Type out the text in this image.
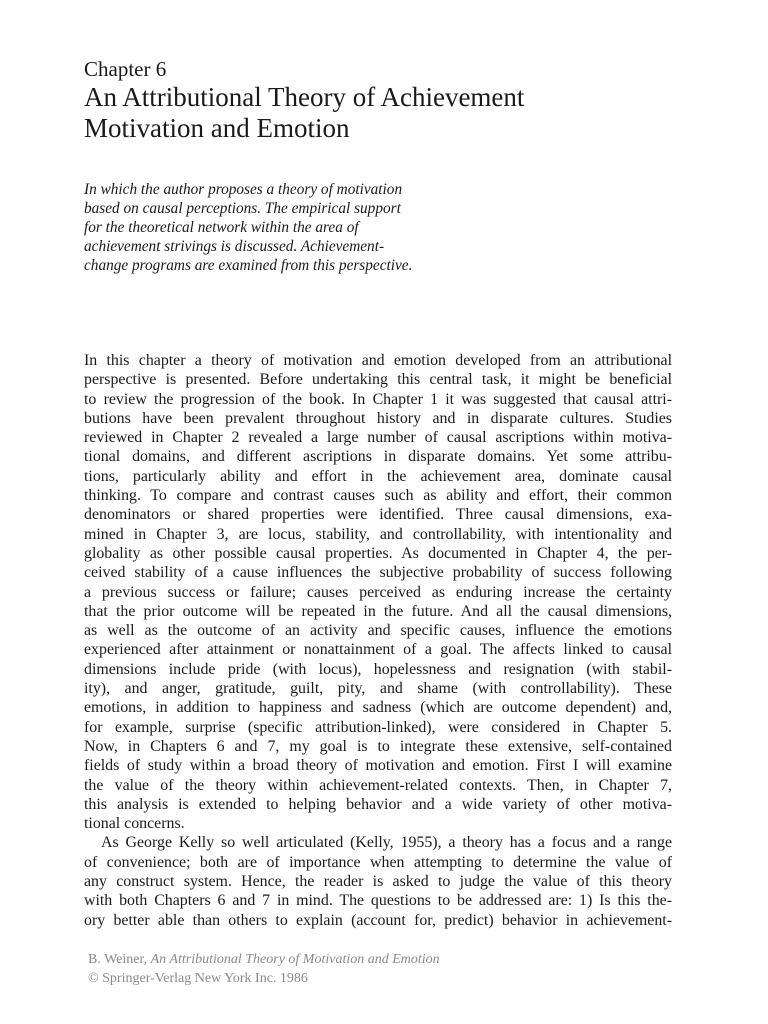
Chapter 6
An Attributional Theory of Achievement
Motivation and Emotion

In which the author proposes a theory of motivation
based on causal perceptions. The empirical support
for the theoretical network within the area of
achievement strivings is discussed. Achievement-
change programs are examined from this perspective.

In this chapter a theory of motivation and emotion developed from an attributional
perspective is presented. Before undertaking this central task, it might be beneficial
to review the progression of the book. In Chapter 1 it was suggested that causal attri-
butions have been prevalent throughout history and in disparate cultures. Studies
reviewed in Chapter 2 revealed a large number of causal ascriptions within motiva-
tional domains, and different ascriptions in disparate domains. Yet some attribu-
tions, particularly ability and effort in the achievement area, dominate causal
thinking. To compare and contrast causes such as ability and effort, their common
denominators or shared properties were identified. Three causal dimensions, exa-
mined in Chapter 3, are locus, stability, and controllability, with intentionality and
globality as other possible causal properties. As documented in Chapter 4, the per-
ceived stability of a cause influences the subjective probability of success following
a previous success or failure; causes perceived as enduring increase the certainty
that the prior outcome will be repeated in the future. And all the causal dimensions,
as well as the outcome of an activity and specific causes, influence the emotions
experienced after attainment or nonattainment of a goal. The affects linked to causal
dimensions include pride (with locus), hopelessness and resignation (with stabil-
ity), and anger, gratitude, guilt, pity, and shame (with controllability). These
emotions, in addition to happiness and sadness (which are outcome dependent) and,
for example, surprise (specific attribution-linked), were considered in Chapter 5.
Now, in Chapters 6 and 7, my goal is to integrate these extensive, self-contained
fields of study within a broad theory of motivation and emotion. First I will examine
the value of the theory within achievement-related contexts. Then, in Chapter 7,
this analysis is extended to helping behavior and a wide variety of other motiva-
tional concerns.
As George Kelly so well articulated (Kelly, 1955), a theory has a focus and a range
of convenience; both are of importance when attempting to determine the value of
any construct system. Hence, the reader is asked to judge the value of this theory
with both Chapters 6 and 7 in mind. The questions to be addressed are: 1) Is this the-
ory better able than others to explain (account for, predict) behavior in achievement-
B. Weiner, An Attributional Theory of Motivation and Emotion
© Springer-Verlag New York Inc. 1986
